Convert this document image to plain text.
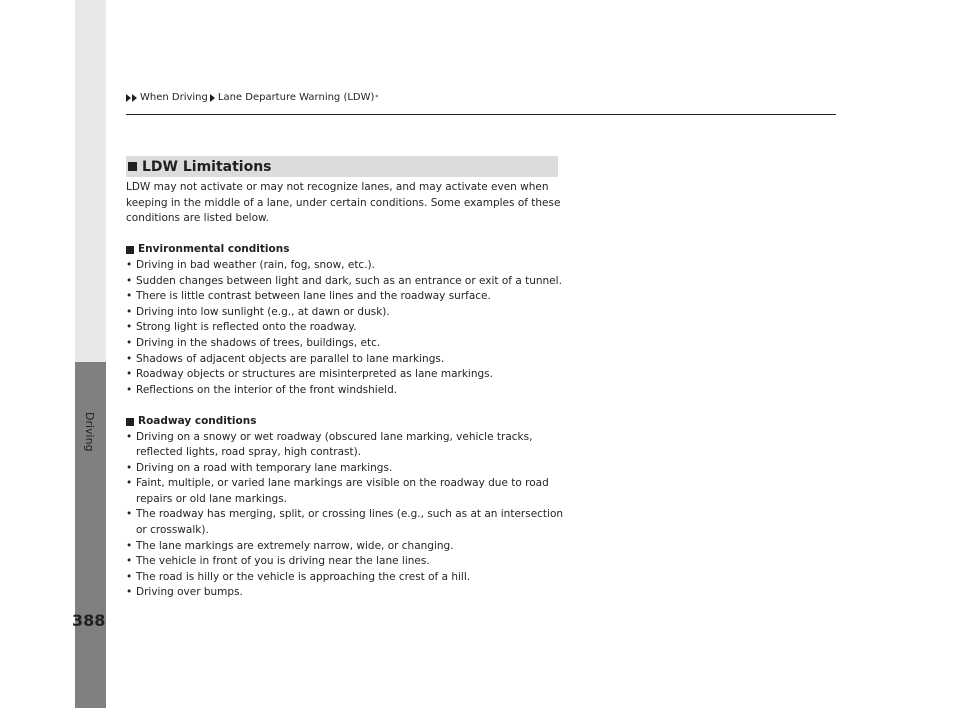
Driving
When Driving Lane Departure Warning (LDW) *
LDW Limitations

LDW may not activate or may not recognize lanes, and may activate even when keeping in the middle of a lane, under certain conditions. Some examples of these conditions are listed below.

Environmental conditions

• Driving in bad weather (rain, fog, snow, etc.).
• Sudden changes between light and dark, such as an entrance or exit of a tunnel.
• There is little contrast between lane lines and the roadway surface.
• Driving into low sunlight (e.g., at dawn or dusk).
• Strong light is reflected onto the roadway.
• Driving in the shadows of trees, buildings, etc.
• Shadows of adjacent objects are parallel to lane markings.
• Roadway objects or structures are misinterpreted as lane markings.
• Reflections on the interior of the front windshield.

Roadway conditions

• Driving on a snowy or wet roadway (obscured lane marking, vehicle tracks, reflected lights, road spray, high contrast).
• Driving on a road with temporary lane markings.
• Faint, multiple, or varied lane markings are visible on the roadway due to road repairs or old lane markings.
• The roadway has merging, split, or crossing lines (e.g., such as at an intersection or crosswalk).
• The lane markings are extremely narrow, wide, or changing.
• The vehicle in front of you is driving near the lane lines.
• The road is hilly or the vehicle is approaching the crest of a hill.
• Driving over bumps.
388
